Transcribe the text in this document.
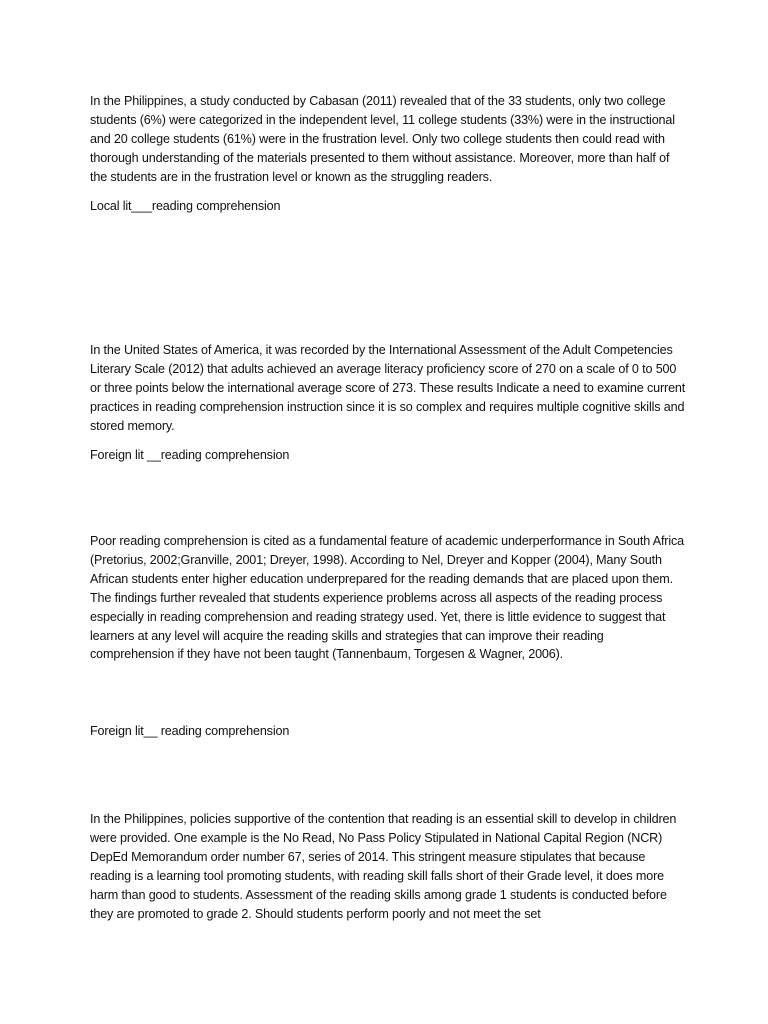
In the Philippines, a study conducted by Cabasan (2011) revealed that of the 33 students, only two college students (6%) were categorized in the independent level, 11 college students (33%) were in the instructional and 20 college students (61%) were in the frustration level. Only two college students then could read with thorough understanding of the materials presented to them without assistance. Moreover, more than half of the students are in the frustration level or known as the struggling readers.

Local lit___reading comprehension

In the United States of America, it was recorded by the International Assessment of the Adult Competencies Literary Scale (2012) that adults achieved an average literacy proficiency score of 270 on a scale of 0 to 500 or three points below the international average score of 273. These results Indicate a need to examine current practices in reading comprehension instruction since it is so complex and requires multiple cognitive skills and stored memory.

Foreign lit __reading comprehension

Poor reading comprehension is cited as a fundamental feature of academic underperformance in South Africa (Pretorius, 2002;Granville, 2001; Dreyer, 1998). According to Nel, Dreyer and Kopper (2004), Many South African students enter higher education underprepared for the reading demands that are placed upon them. The findings further revealed that students experience problems across all aspects of the reading process especially in reading comprehension and reading strategy used. Yet, there is little evidence to suggest that learners at any level will acquire the reading skills and strategies that can improve their reading comprehension if they have not been taught (Tannenbaum, Torgesen & Wagner, 2006).

Foreign lit__ reading comprehension

In the Philippines, policies supportive of the contention that reading is an essential skill to develop in children were provided. One example is the No Read, No Pass Policy Stipulated in National Capital Region (NCR) DepEd Memorandum order number 67, series of 2014. This stringent measure stipulates that because reading is a learning tool promoting students, with reading skill falls short of their Grade level, it does more harm than good to students. Assessment of the reading skills among grade 1 students is conducted before they are promoted to grade 2. Should students perform poorly and not meet the set
